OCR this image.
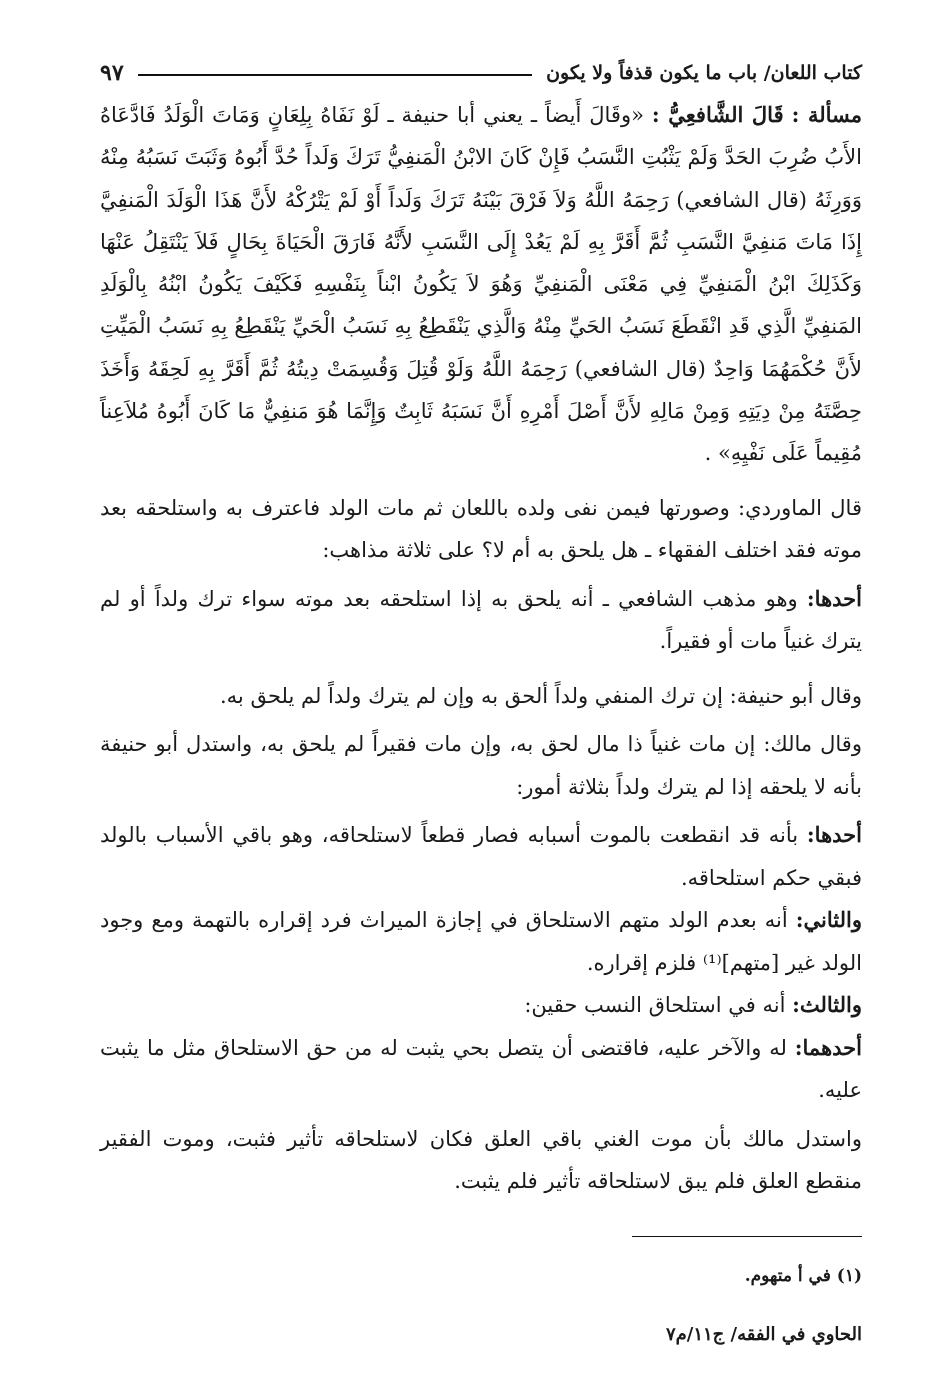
كتاب اللعان/ باب ما يكون قذفاً ولا يكون
٩٧

مسألة : قَالَ الشَّافعِيُّ : «وقَالَ أَيضاً ـ يعني أبا حنيفة ـ لَوْ نَفَاهُ بِلِعَانٍ وَمَاتَ الْوَلَدُ فَادَّعَاهُ الأَبُ ضُرِبَ الحَدَّ وَلَمْ يَثْبُتِ النَّسَبُ فَإِنْ كَانَ الابْنُ الْمَنفِيُّ تَرَكَ وَلَداً حُدَّ أَبُوهُ وَثَبَتَ نَسَبُهُ مِنْهُ وَوَرِثَهُ (قال الشافعي) رَحِمَهُ اللَّهُ وَلاَ فَرْقَ بَيْنَهُ تَرَكَ وَلَداً أَوْ لَمْ يَتْرُكْهُ لأَنَّ هَذَا الْوَلَدَ الْمَنفِيَّ إِذَا مَاتَ مَنفِيَّ النَّسَبِ ثُمَّ أَقَرَّ بِهِ لَمْ يَعُدْ إِلَى النَّسَبِ لأَنَّهُ فَارَقَ الْحَيَاةَ بِحَالٍ فَلاَ يَنْتَقِلُ عَنْهَا وَكَذَلِكَ ابْنُ الْمَنفِيِّ فِي مَعْنَى الْمَنفِيِّ وَهُوَ لاَ يَكُونُ ابْناً بِنَفْسِهِ فَكَيْفَ يَكُونُ ابْنُهُ بِالْوَلَدِ المَنفِيِّ الَّذِي قَدِ انْقَطَعَ نَسَبُ الحَيِّ مِنْهُ وَالَّذِي يَنْقَطِعُ بِهِ نَسَبُ الْحَيِّ يَنْقَطِعُ بِهِ نَسَبُ الْمَيِّتِ لأَنَّ حُكْمَهُمَا وَاحِدٌ (قال الشافعي) رَحِمَهُ اللَّهُ وَلَوْ قُتِلَ وَقُسِمَتْ دِيتُهُ ثُمَّ أَقَرَّ بِهِ لَحِقَهُ وَأَخَذَ حِصَّتَهُ مِنْ دِيَتِهِ وَمِنْ مَالِهِ لأَنَّ أَصْلَ أَمْرِهِ أَنَّ نَسَبَهُ ثَابِتٌ وَإِنَّمَا هُوَ مَنفِيٌّ مَا كَانَ أَبُوهُ مُلاَعِناً مُقِيماً عَلَى نَفْيِهِ» .

قال الماوردي: وصورتها فيمن نفى ولده باللعان ثم مات الولد فاعترف به واستلحقه بعد موته فقد اختلف الفقهاء ـ هل يلحق به أم لا؟ على ثلاثة مذاهب:

أحدها: وهو مذهب الشافعي ـ أنه يلحق به إذا استلحقه بعد موته سواء ترك ولداً أو لم يترك غنياً مات أو فقيراً.

وقال أبو حنيفة: إن ترك المنفي ولداً ألحق به وإن لم يترك ولداً لم يلحق به.

وقال مالك: إن مات غنياً ذا مال لحق به، وإن مات فقيراً لم يلحق به، واستدل أبو حنيفة بأنه لا يلحقه إذا لم يترك ولداً بثلاثة أمور:

أحدها: بأنه قد انقطعت بالموت أسبابه فصار قطعاً لاستلحاقه، وهو باقي الأسباب بالولد فبقي حكم استلحاقه.

والثاني: أنه بعدم الولد متهم الاستلحاق في إجازة الميراث فرد إقراره بالتهمة ومع وجود الولد غير [متهم]⁽¹⁾ فلزم إقراره.

والثالث: أنه في استلحاق النسب حقين:

أحدهما: له والآخر عليه، فاقتضى أن يتصل بحي يثبت له من حق الاستلحاق مثل ما يثبت عليه.

واستدل مالك بأن موت الغني باقي العلق فكان لاستلحاقه تأثير فثبت، وموت الفقير منقطع العلق فلم يبق لاستلحاقه تأثير فلم يثبت.

(١) في أ متهوم.
الحاوي في الفقه/ ج١١/م٧
